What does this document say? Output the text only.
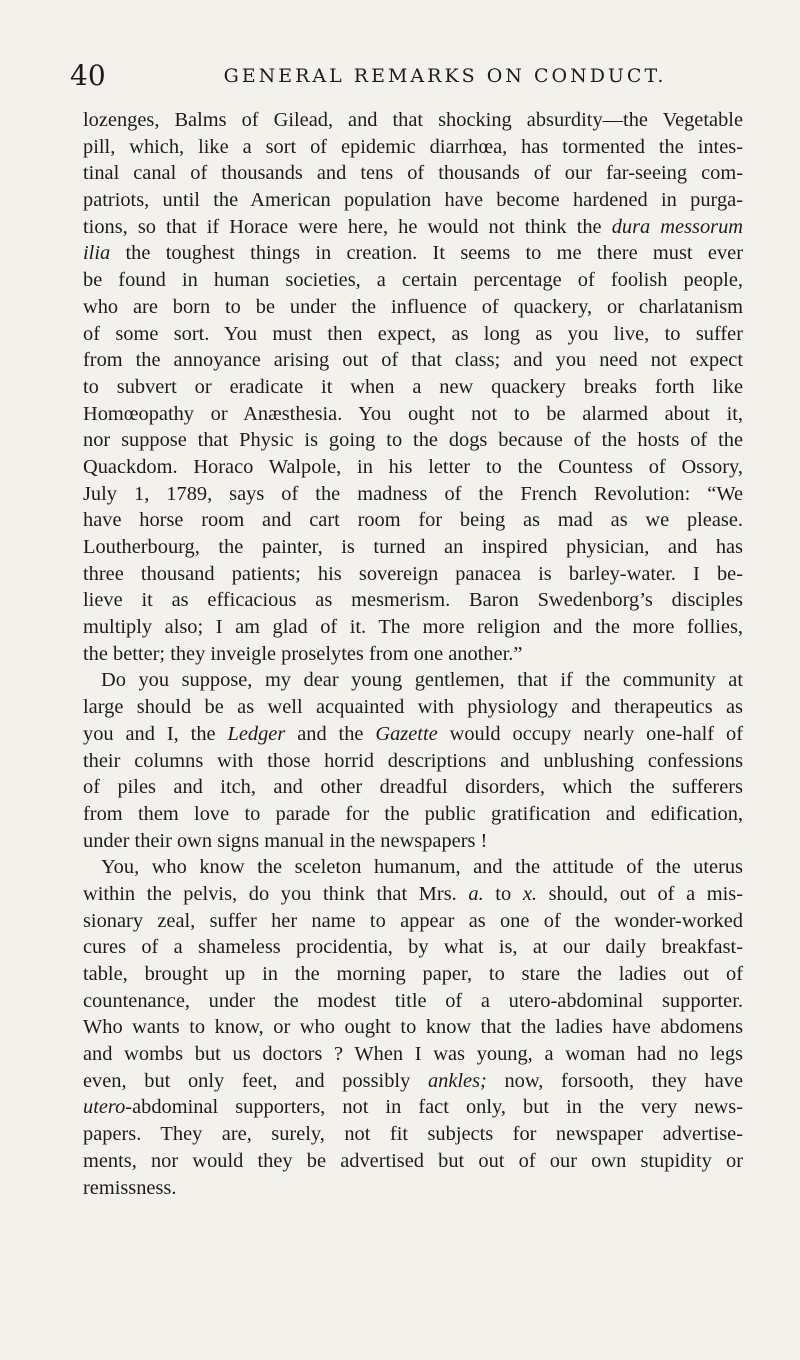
40	GENERAL REMARKS ON CONDUCT.
lozenges, Balms of Gilead, and that shocking absurdity—the Vegetable
pill, which, like a sort of epidemic diarrhœa, has tormented the intes-
tinal canal of thousands and tens of thousands of our far-seeing com-
patriots, until the American population have become hardened in purga-
tions, so that if Horace were here, he would not think the dura messorum
ilia the toughest things in creation. It seems to me there must ever
be found in human societies, a certain percentage of foolish people,
who are born to be under the influence of quackery, or charlatanism
of some sort. You must then expect, as long as you live, to suffer
from the annoyance arising out of that class; and you need not expect
to subvert or eradicate it when a new quackery breaks forth like
Homœopathy or Anæsthesia. You ought not to be alarmed about it,
nor suppose that Physic is going to the dogs because of the hosts of the
Quackdom. Horaco Walpole, in his letter to the Countess of Ossory,
July 1, 1789, says of the madness of the French Revolution: “We
have horse room and cart room for being as mad as we please.
Loutherbourg, the painter, is turned an inspired physician, and has
three thousand patients; his sovereign panacea is barley-water. I be-
lieve it as efficacious as mesmerism. Baron Swedenborg’s disciples
multiply also; I am glad of it. The more religion and the more follies,
the better; they inveigle proselytes from one another.”
Do you suppose, my dear young gentlemen, that if the community at
large should be as well acquainted with physiology and therapeutics as
you and I, the Ledger and the Gazette would occupy nearly one-half of
their columns with those horrid descriptions and unblushing confessions
of piles and itch, and other dreadful disorders, which the sufferers
from them love to parade for the public gratification and edification,
under their own signs manual in the newspapers !
You, who know the sceleton humanum, and the attitude of the uterus
within the pelvis, do you think that Mrs. a. to x. should, out of a mis-
sionary zeal, suffer her name to appear as one of the wonder-worked
cures of a shameless procidentia, by what is, at our daily breakfast-
table, brought up in the morning paper, to stare the ladies out of
countenance, under the modest title of a utero-abdominal supporter.
Who wants to know, or who ought to know that the ladies have abdomens
and wombs but us doctors ? When I was young, a woman had no legs
even, but only feet, and possibly ankles; now, forsooth, they have
utero-abdominal supporters, not in fact only, but in the very news-
papers. They are, surely, not fit subjects for newspaper advertise-
ments, nor would they be advertised but out of our own stupidity or
remissness.
